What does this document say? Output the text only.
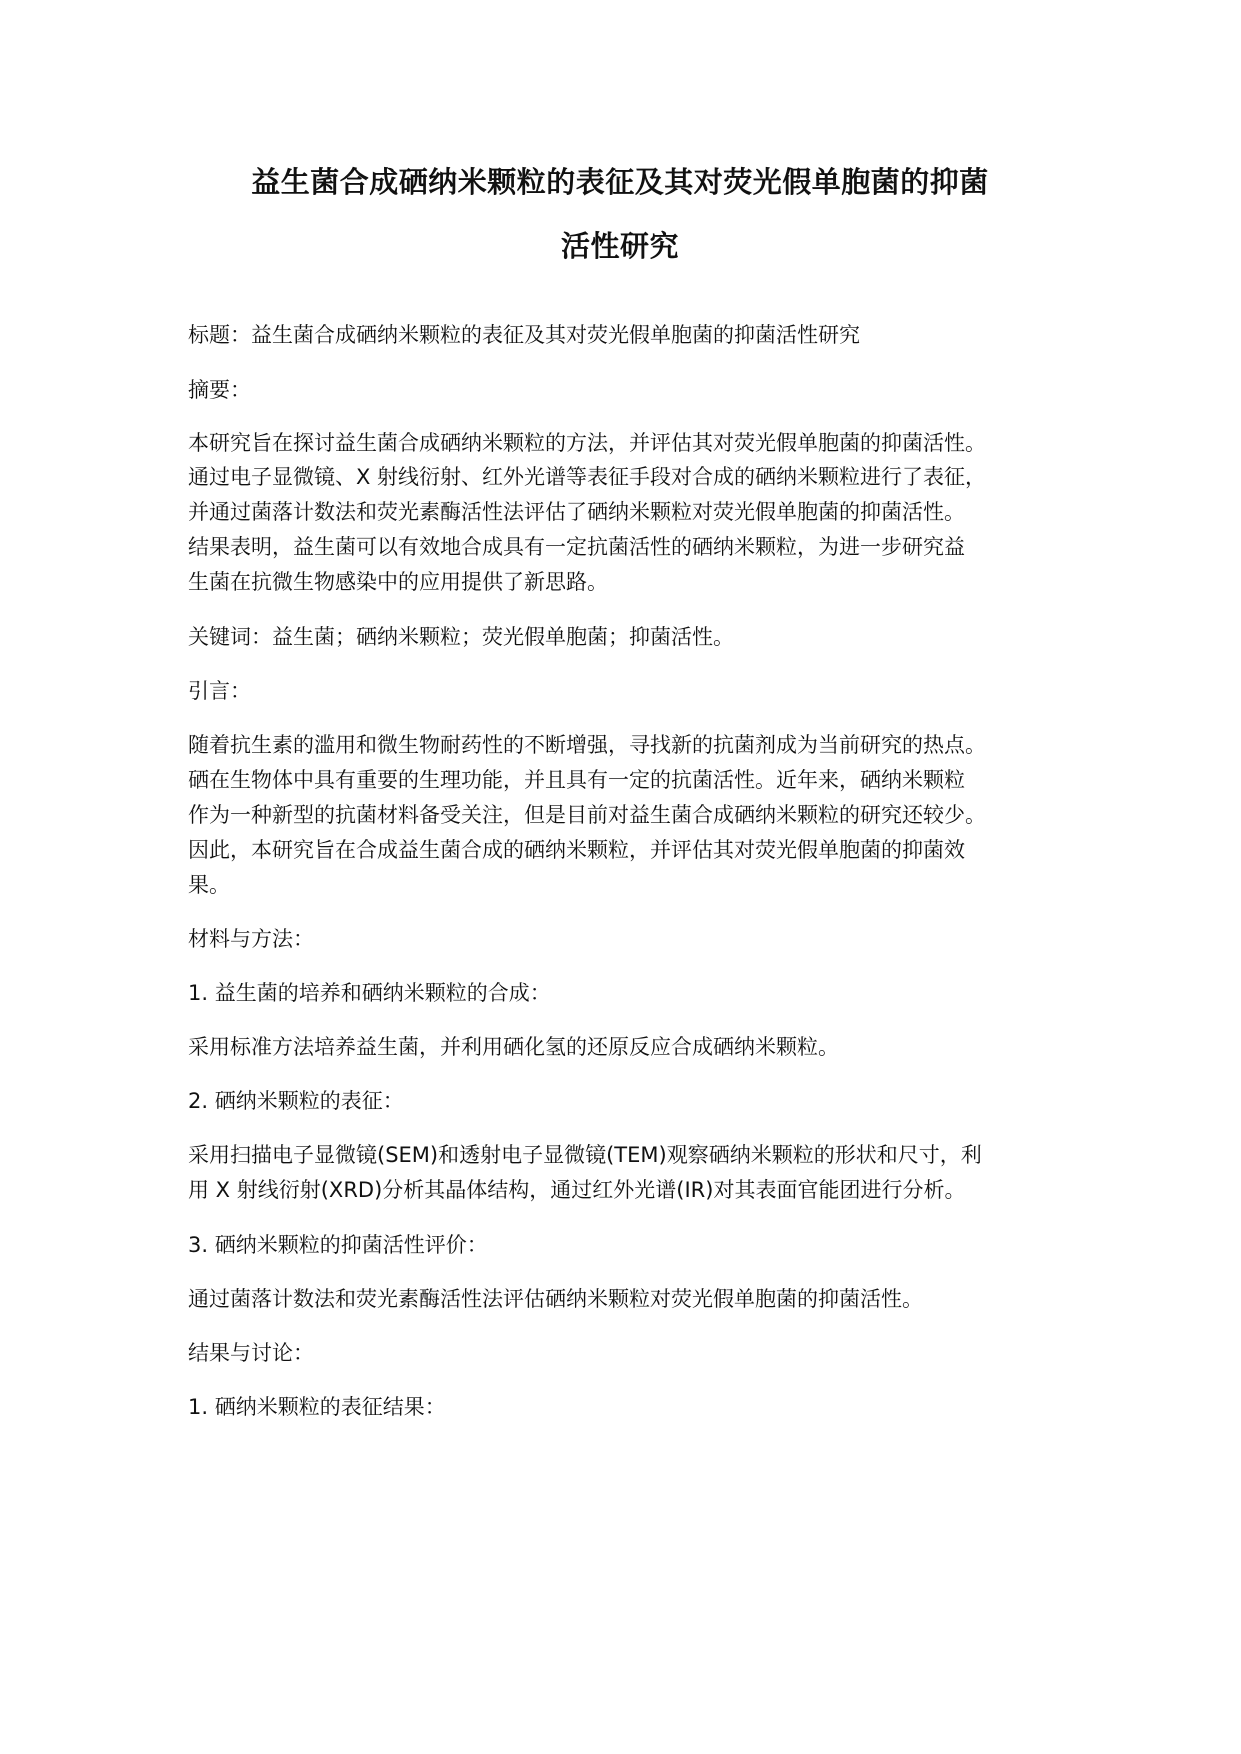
益生菌合成硒纳米颗粒的表征及其对荧光假单胞菌的抑菌
活性研究
标题：益生菌合成硒纳米颗粒的表征及其对荧光假单胞菌的抑菌活性研究
摘要：
本研究旨在探讨益生菌合成硒纳米颗粒的方法，并评估其对荧光假单胞菌的抑菌活性。
通过电子显微镜、X 射线衍射、红外光谱等表征手段对合成的硒纳米颗粒进行了表征，
并通过菌落计数法和荧光素酶活性法评估了硒纳米颗粒对荧光假单胞菌的抑菌活性。
结果表明，益生菌可以有效地合成具有一定抗菌活性的硒纳米颗粒，为进一步研究益
生菌在抗微生物感染中的应用提供了新思路。
关键词：益生菌；硒纳米颗粒；荧光假单胞菌；抑菌活性。
引言：
随着抗生素的滥用和微生物耐药性的不断增强，寻找新的抗菌剂成为当前研究的热点。
硒在生物体中具有重要的生理功能，并且具有一定的抗菌活性。近年来，硒纳米颗粒
作为一种新型的抗菌材料备受关注，但是目前对益生菌合成硒纳米颗粒的研究还较少。
因此，本研究旨在合成益生菌合成的硒纳米颗粒，并评估其对荧光假单胞菌的抑菌效
果。
材料与方法：
1. 益生菌的培养和硒纳米颗粒的合成：
采用标准方法培养益生菌，并利用硒化氢的还原反应合成硒纳米颗粒。
2. 硒纳米颗粒的表征：
采用扫描电子显微镜(SEM)和透射电子显微镜(TEM)观察硒纳米颗粒的形状和尺寸，利
用 X 射线衍射(XRD)分析其晶体结构，通过红外光谱(IR)对其表面官能团进行分析。
3. 硒纳米颗粒的抑菌活性评价：
通过菌落计数法和荧光素酶活性法评估硒纳米颗粒对荧光假单胞菌的抑菌活性。
结果与讨论：
1. 硒纳米颗粒的表征结果：
